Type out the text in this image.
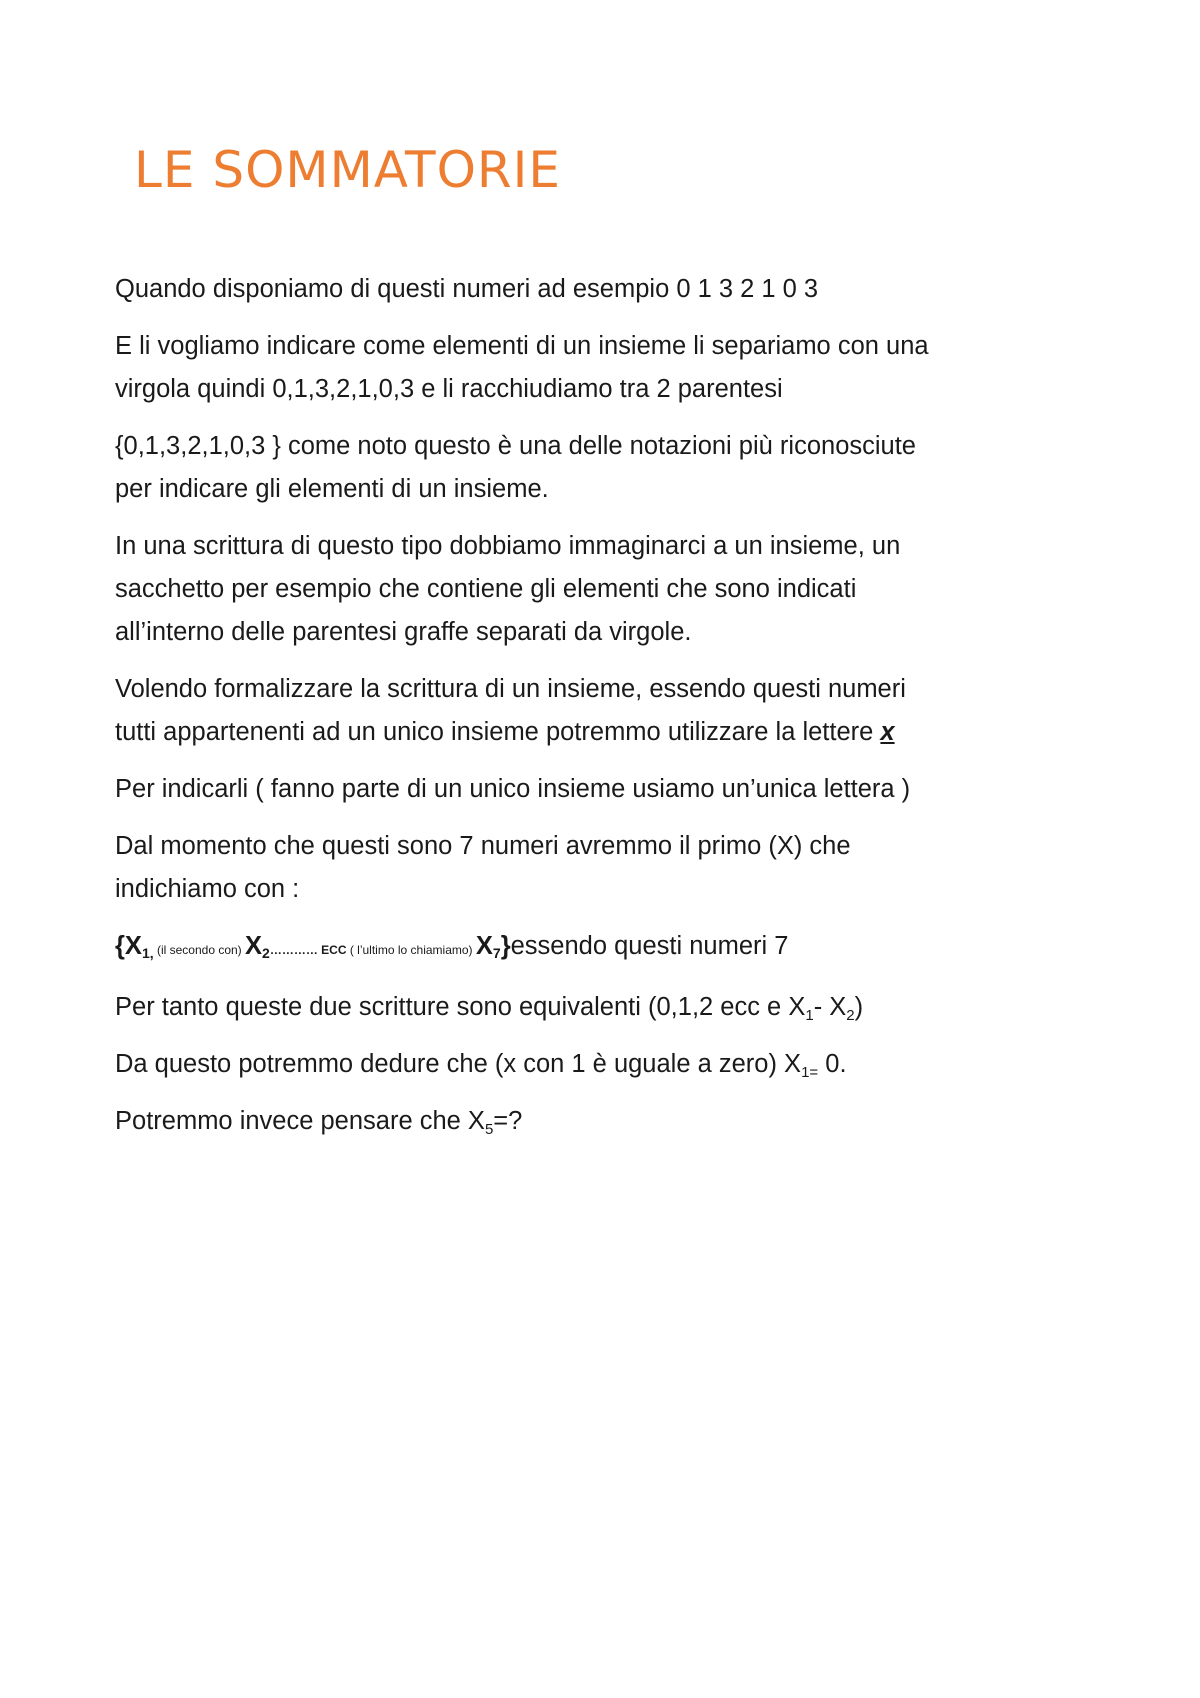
LE SOMMATORIE

Quando disponiamo di questi numeri ad esempio 0 1 3 2 1 0 3

E li vogliamo indicare come elementi di un insieme li separiamo con una
virgola quindi 0,1,3,2,1,0,3 e li racchiudiamo tra 2 parentesi

{0,1,3,2,1,0,3 } come noto questo è una delle notazioni più riconosciute
per indicare gli elementi di un insieme.

In una scrittura di questo tipo dobbiamo immaginarci a un insieme, un
sacchetto per esempio che contiene gli elementi che sono indicati
all’interno delle parentesi graffe separati da virgole.

Volendo formalizzare la scrittura di un insieme, essendo questi numeri
tutti appartenenti ad un unico insieme potremmo utilizzare la lettere x

Per indicarli ( fanno parte di un unico insieme usiamo un’unica lettera )

Dal momento che questi sono 7 numeri avremmo il primo (X) che
indichiamo con :

{X1, (il secondo con) X2………… ECC ( l’ultimo lo chiamiamo) X7}essendo questi numeri 7

Per tanto queste due scritture sono equivalenti (0,1,2 ecc e $X_1-$ $X_2$)

Da questo potremmo dedure che (x con 1 è uguale a zero) $X_{1=}$ 0.

Potremmo invece pensare che $X_5=$?
